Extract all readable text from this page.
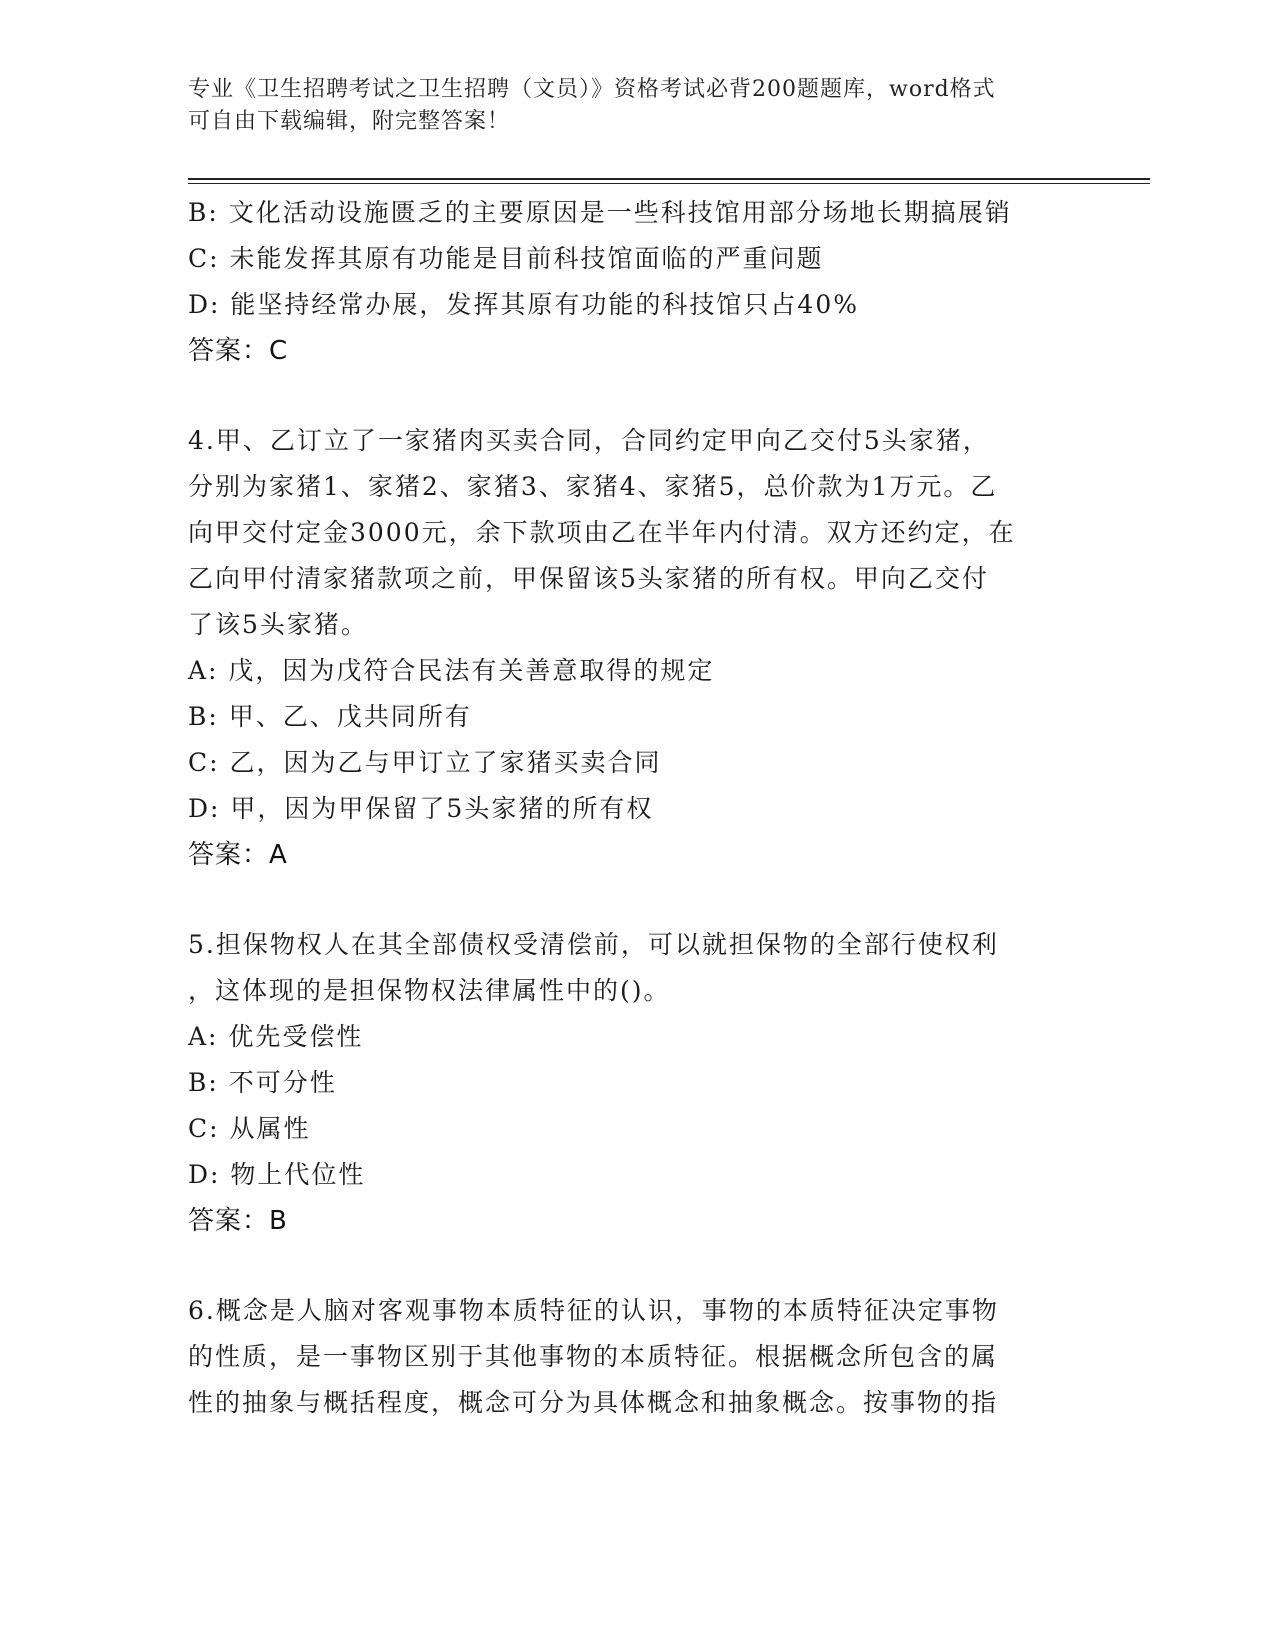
专业《卫生招聘考试之卫生招聘（文员）》资格考试必背200题题库，word格式
可自由下载编辑，附完整答案！
B: 文化活动设施匮乏的主要原因是一些科技馆用部分场地长期搞展销
C: 未能发挥其原有功能是目前科技馆面临的严重问题
D: 能坚持经常办展，发挥其原有功能的科技馆只占40%
答案：C
4.甲、乙订立了一家猪肉买卖合同，合同约定甲向乙交付5头家猪，
分别为家猪1、家猪2、家猪3、家猪4、家猪5，总价款为1万元。乙
向甲交付定金3000元，余下款项由乙在半年内付清。双方还约定，在
乙向甲付清家猪款项之前，甲保留该5头家猪的所有权。甲向乙交付
了该5头家猪。
A: 戊，因为戊符合民法有关善意取得的规定
B: 甲、乙、戊共同所有
C: 乙，因为乙与甲订立了家猪买卖合同
D: 甲，因为甲保留了5头家猪的所有权
答案：A
5.担保物权人在其全部债权受清偿前，可以就担保物的全部行使权利
，这体现的是担保物权法律属性中的()。
A: 优先受偿性
B: 不可分性
C: 从属性
D: 物上代位性
答案：B
6.概念是人脑对客观事物本质特征的认识，事物的本质特征决定事物
的性质，是一事物区别于其他事物的本质特征。根据概念所包含的属
性的抽象与概括程度，概念可分为具体概念和抽象概念。按事物的指
